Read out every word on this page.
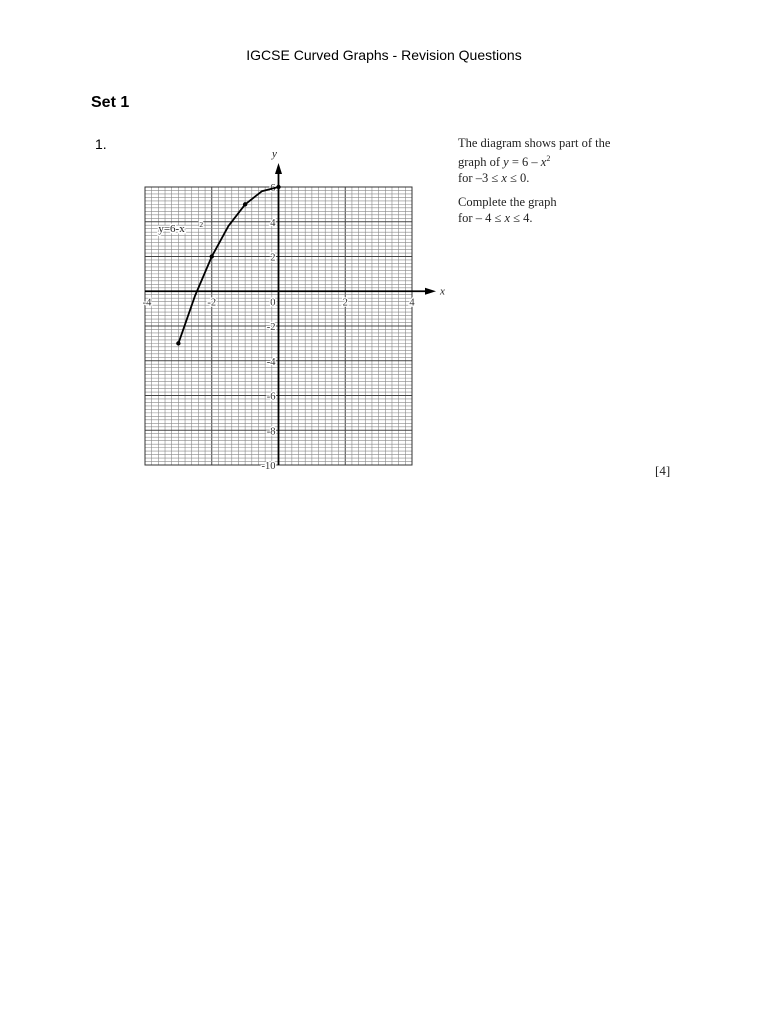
IGCSE Curved Graphs - Revision Questions
Set 1
1.
x
y
-4	-2	0	2	4
6
4
2
-2
-4
-6
-8
-10
y=6-x 2

The diagram shows part of the
graph of $y = 6 - x^2$
for –3 ≤ x ≤ 0.

Complete the graph
for – 4 ≤ x ≤ 4.

[4]
